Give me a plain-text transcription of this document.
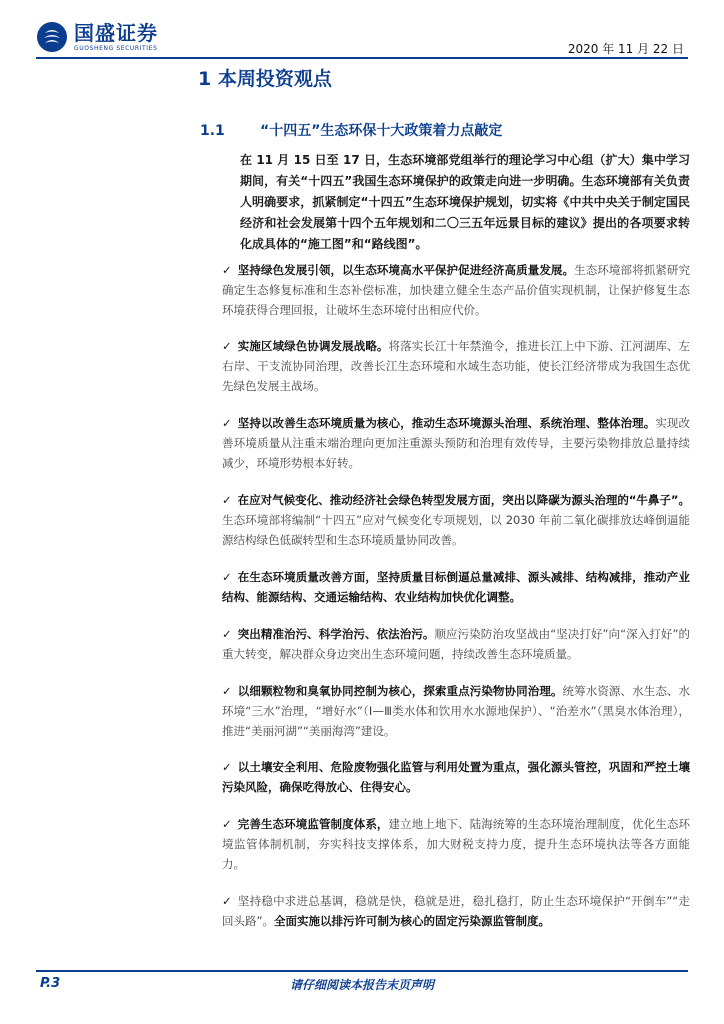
国盛证券
GUOSHENG SECURITIES	2020 年 11 月 22 日
1 本周投资观点
1.1	“十四五”生态环保十大政策着力点敲定
在 11 月 15 日至 17 日，生态环境部党组举行的理论学习中心组（扩大）集中学习期间，有关“十四五”我国生态环境保护的政策走向进一步明确。生态环境部有关负责人明确要求，抓紧制定“十四五”生态环境保护规划，切实将《中共中央关于制定国民经济和社会发展第十四个五年规划和二〇三五年远景目标的建议》提出的各项要求转化成具体的“施工图”和“路线图”。

✓ 坚持绿色发展引领，以生态环境高水平保护促进经济高质量发展。生态环境部将抓紧研究确定生态修复标准和生态补偿标准，加快建立健全生态产品价值实现机制，让保护修复生态环境获得合理回报，让破坏生态环境付出相应代价。

✓ 实施区域绿色协调发展战略。将落实长江十年禁渔令，推进长江上中下游、江河湖库、左右岸、干支流协同治理，改善长江生态环境和水域生态功能，使长江经济带成为我国生态优先绿色发展主战场。

✓ 坚持以改善生态环境质量为核心，推动生态环境源头治理、系统治理、整体治理。实现改善环境质量从注重末端治理向更加注重源头预防和治理有效传导，主要污染物排放总量持续减少，环境形势根本好转。

✓ 在应对气候变化、推动经济社会绿色转型发展方面，突出以降碳为源头治理的“牛鼻子”。生态环境部将编制“十四五”应对气候变化专项规划，以 2030 年前二氧化碳排放达峰倒逼能源结构绿色低碳转型和生态环境质量协同改善。

✓ 在生态环境质量改善方面，坚持质量目标倒逼总量减排、源头减排、结构减排，推动产业结构、能源结构、交通运输结构、农业结构加快优化调整。

✓ 突出精准治污、科学治污、依法治污。顺应污染防治攻坚战由“坚决打好”向“深入打好”的重大转变，解决群众身边突出生态环境问题，持续改善生态环境质量。

✓ 以细颗粒物和臭氧协同控制为核心，探索重点污染物协同治理。统筹水资源、水生态、水环境“三水”治理，“增好水”（Ⅰ—Ⅲ类水体和饮用水水源地保护）、“治差水”（黑臭水体治理），推进“美丽河湖”“美丽海湾”建设。

✓ 以土壤安全利用、危险废物强化监管与利用处置为重点，强化源头管控，巩固和严控土壤污染风险，确保吃得放心、住得安心。

✓ 完善生态环境监管制度体系，建立地上地下、陆海统筹的生态环境治理制度，优化生态环境监管体制机制，夯实科技支撑体系，加大财税支持力度，提升生态环境执法等各方面能力。

✓ 坚持稳中求进总基调，稳就是快，稳就是进，稳扎稳打，防止生态环境保护“开倒车”“走回头路”。全面实施以排污许可制为核心的固定污染源监管制度。

P.3	请仔细阅读本报告末页声明
